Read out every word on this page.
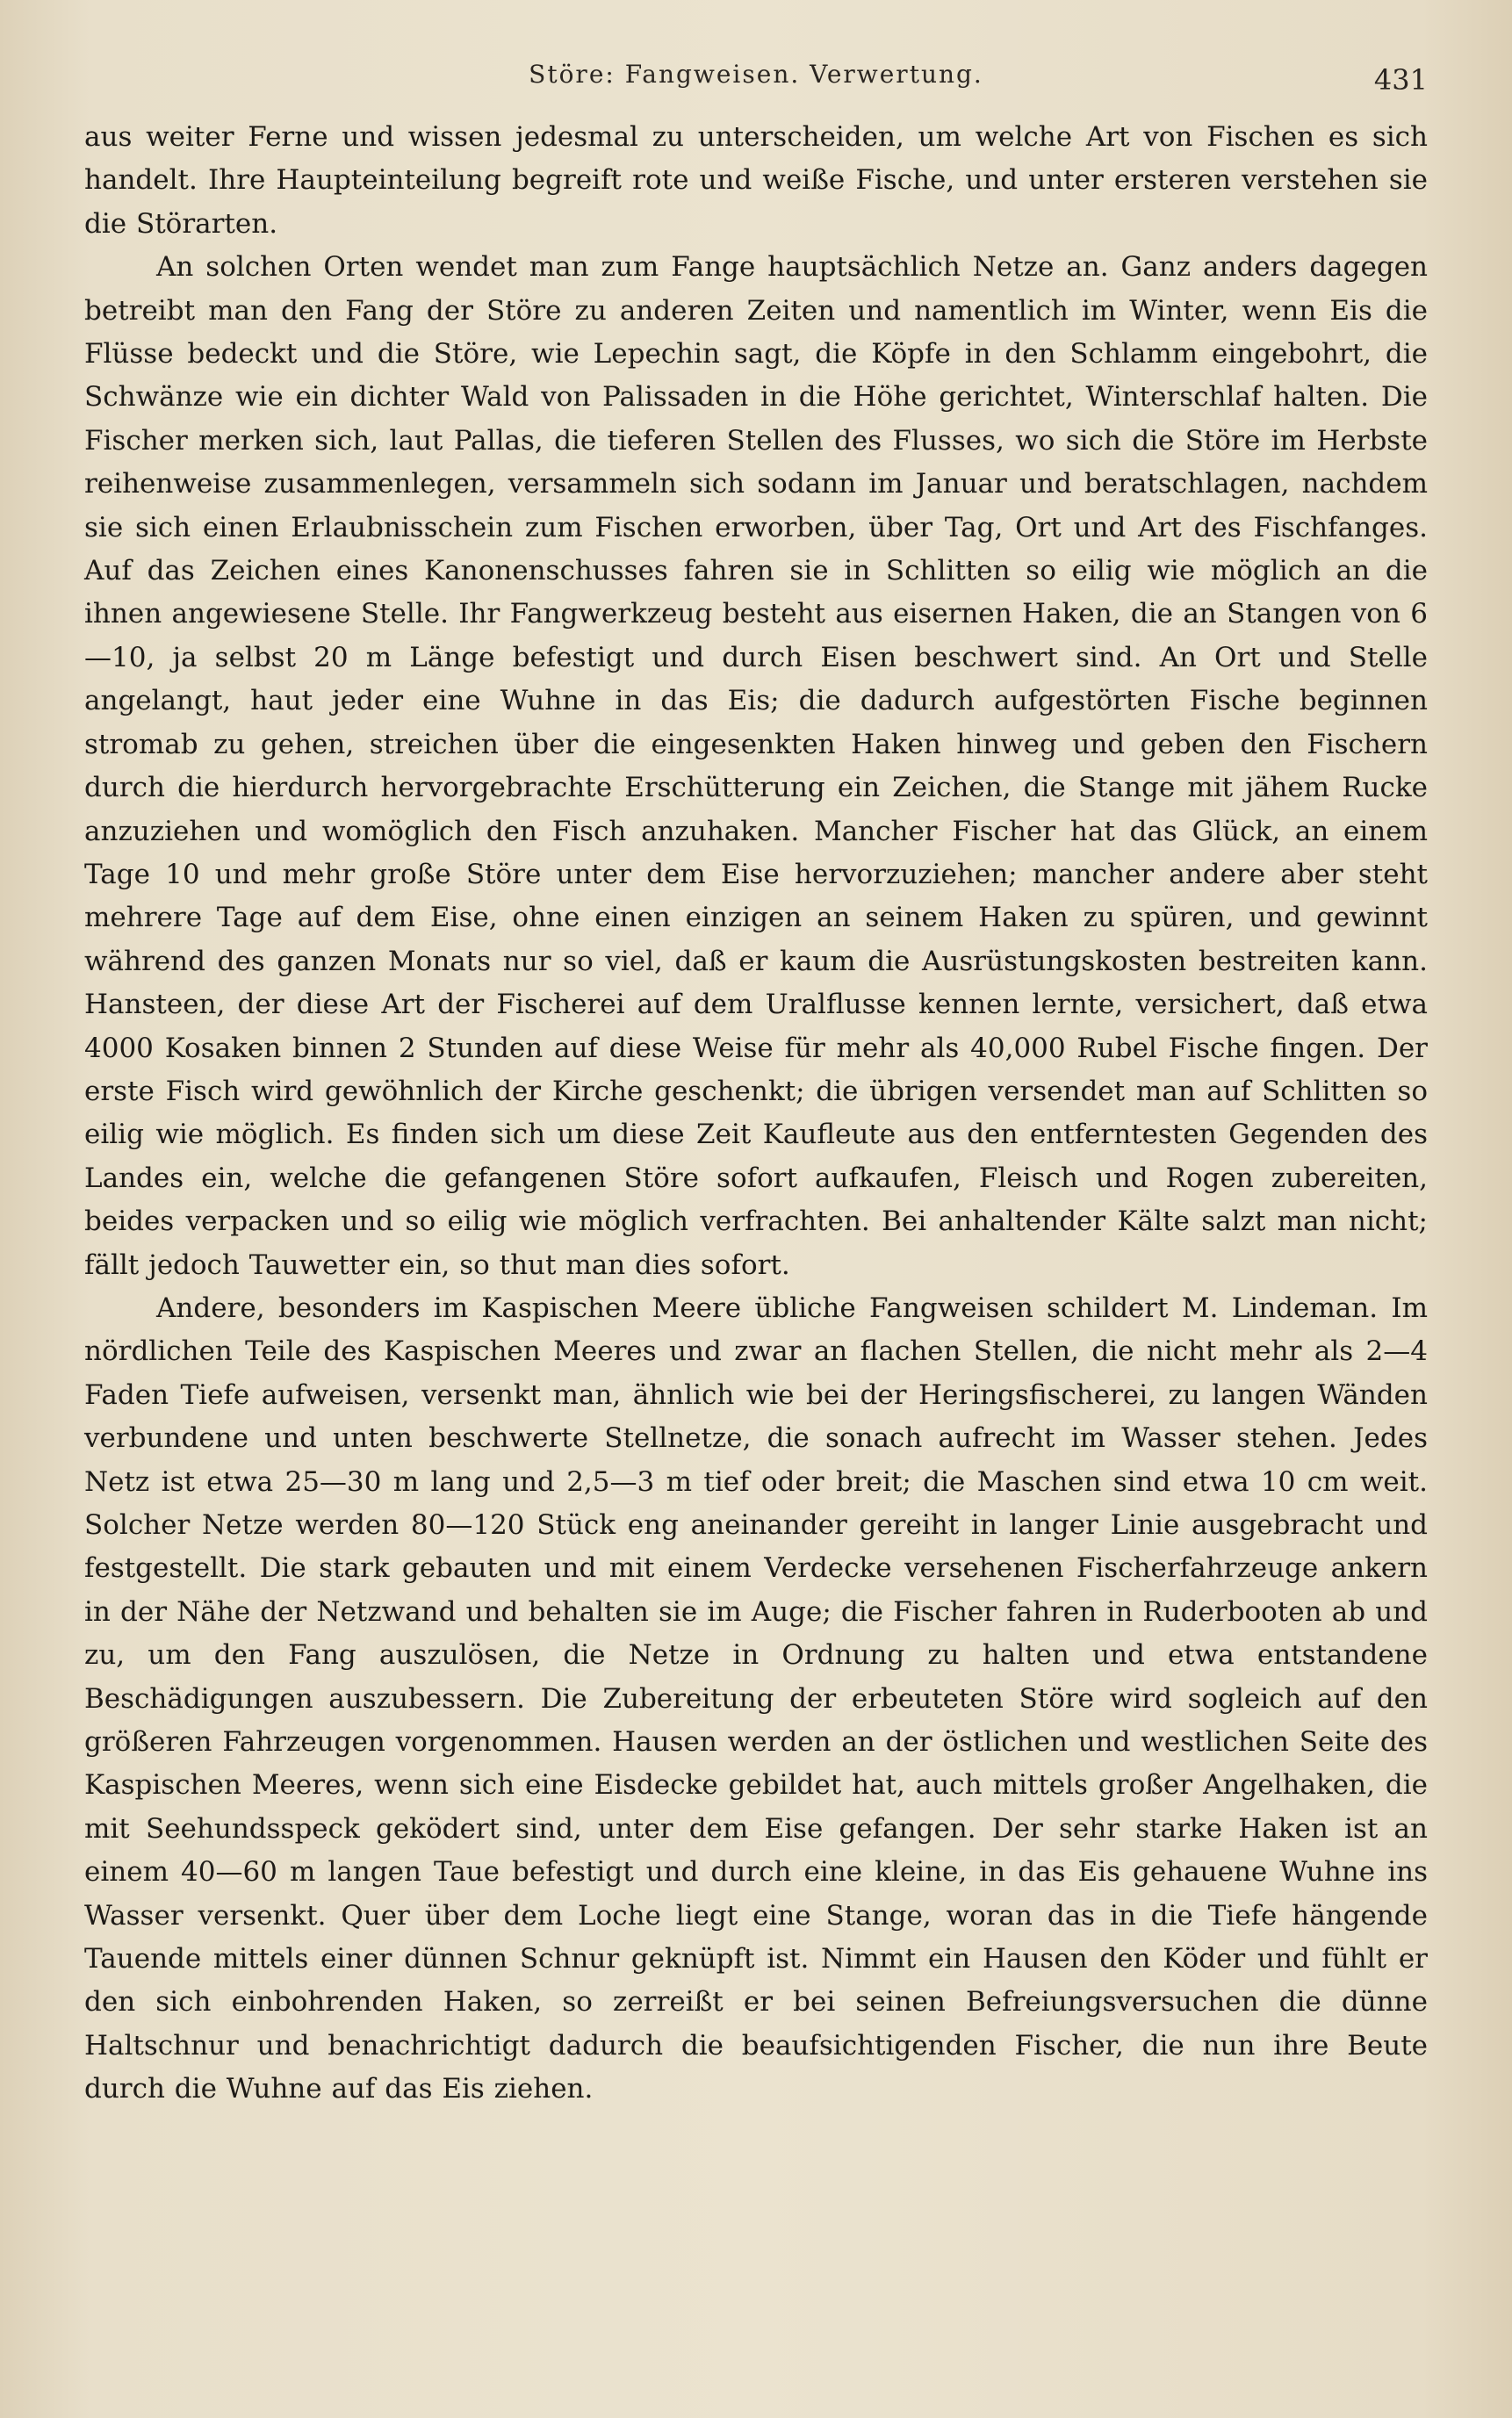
Störe: Fangweisen. Verwertung.	431

aus weiter Ferne und wissen jedesmal zu unterscheiden, um welche Art von Fischen es sich handelt. Ihre Haupteinteilung begreift rote und weiße Fische, und unter ersteren verstehen sie die Störarten.

An solchen Orten wendet man zum Fange hauptsächlich Netze an. Ganz anders dagegen betreibt man den Fang der Störe zu anderen Zeiten und namentlich im Winter, wenn Eis die Flüsse bedeckt und die Störe, wie Lepechin sagt, die Köpfe in den Schlamm eingebohrt, die Schwänze wie ein dichter Wald von Palissaden in die Höhe gerichtet, Winterschlaf halten. Die Fischer merken sich, laut Pallas, die tieferen Stellen des Flusses, wo sich die Störe im Herbste reihenweise zusammenlegen, versammeln sich sodann im Januar und beratschlagen, nachdem sie sich einen Erlaubnisschein zum Fischen erworben, über Tag, Ort und Art des Fischfanges. Auf das Zeichen eines Kanonenschusses fahren sie in Schlitten so eilig wie möglich an die ihnen angewiesene Stelle. Ihr Fangwerkzeug besteht aus eisernen Haken, die an Stangen von 6—10, ja selbst 20 m Länge befestigt und durch Eisen beschwert sind. An Ort und Stelle angelangt, haut jeder eine Wuhne in das Eis; die dadurch aufgestörten Fische beginnen stromab zu gehen, streichen über die eingesenkten Haken hinweg und geben den Fischern durch die hierdurch hervorgebrachte Erschütterung ein Zeichen, die Stange mit jähem Rucke anzuziehen und womöglich den Fisch anzuhaken. Mancher Fischer hat das Glück, an einem Tage 10 und mehr große Störe unter dem Eise hervorzuziehen; mancher andere aber steht mehrere Tage auf dem Eise, ohne einen einzigen an seinem Haken zu spüren, und gewinnt während des ganzen Monats nur so viel, daß er kaum die Ausrüstungskosten bestreiten kann. Hansteen, der diese Art der Fischerei auf dem Uralflusse kennen lernte, versichert, daß etwa 4000 Kosaken binnen 2 Stunden auf diese Weise für mehr als 40,000 Rubel Fische fingen. Der erste Fisch wird gewöhnlich der Kirche geschenkt; die übrigen versendet man auf Schlitten so eilig wie möglich. Es finden sich um diese Zeit Kaufleute aus den entferntesten Gegenden des Landes ein, welche die gefangenen Störe sofort aufkaufen, Fleisch und Rogen zubereiten, beides verpacken und so eilig wie möglich verfrachten. Bei anhaltender Kälte salzt man nicht; fällt jedoch Tauwetter ein, so thut man dies sofort.

Andere, besonders im Kaspischen Meere übliche Fangweisen schildert M. Lindeman. Im nördlichen Teile des Kaspischen Meeres und zwar an flachen Stellen, die nicht mehr als 2—4 Faden Tiefe aufweisen, versenkt man, ähnlich wie bei der Heringsfischerei, zu langen Wänden verbundene und unten beschwerte Stellnetze, die sonach aufrecht im Wasser stehen. Jedes Netz ist etwa 25—30 m lang und 2,5—3 m tief oder breit; die Maschen sind etwa 10 cm weit. Solcher Netze werden 80—120 Stück eng aneinander gereiht in langer Linie ausgebracht und festgestellt. Die stark gebauten und mit einem Verdecke versehenen Fischerfahrzeuge ankern in der Nähe der Netzwand und behalten sie im Auge; die Fischer fahren in Ruderbooten ab und zu, um den Fang auszulösen, die Netze in Ordnung zu halten und etwa entstandene Beschädigungen auszubessern. Die Zubereitung der erbeuteten Störe wird sogleich auf den größeren Fahrzeugen vorgenommen. Hausen werden an der östlichen und westlichen Seite des Kaspischen Meeres, wenn sich eine Eisdecke gebildet hat, auch mittels großer Angelhaken, die mit Seehundsspeck geködert sind, unter dem Eise gefangen. Der sehr starke Haken ist an einem 40—60 m langen Taue befestigt und durch eine kleine, in das Eis gehauene Wuhne ins Wasser versenkt. Quer über dem Loche liegt eine Stange, woran das in die Tiefe hängende Tauende mittels einer dünnen Schnur geknüpft ist. Nimmt ein Hausen den Köder und fühlt er den sich einbohrenden Haken, so zerreißt er bei seinen Befreiungsversuchen die dünne Haltschnur und benachrichtigt dadurch die beaufsichtigenden Fischer, die nun ihre Beute durch die Wuhne auf das Eis ziehen.
